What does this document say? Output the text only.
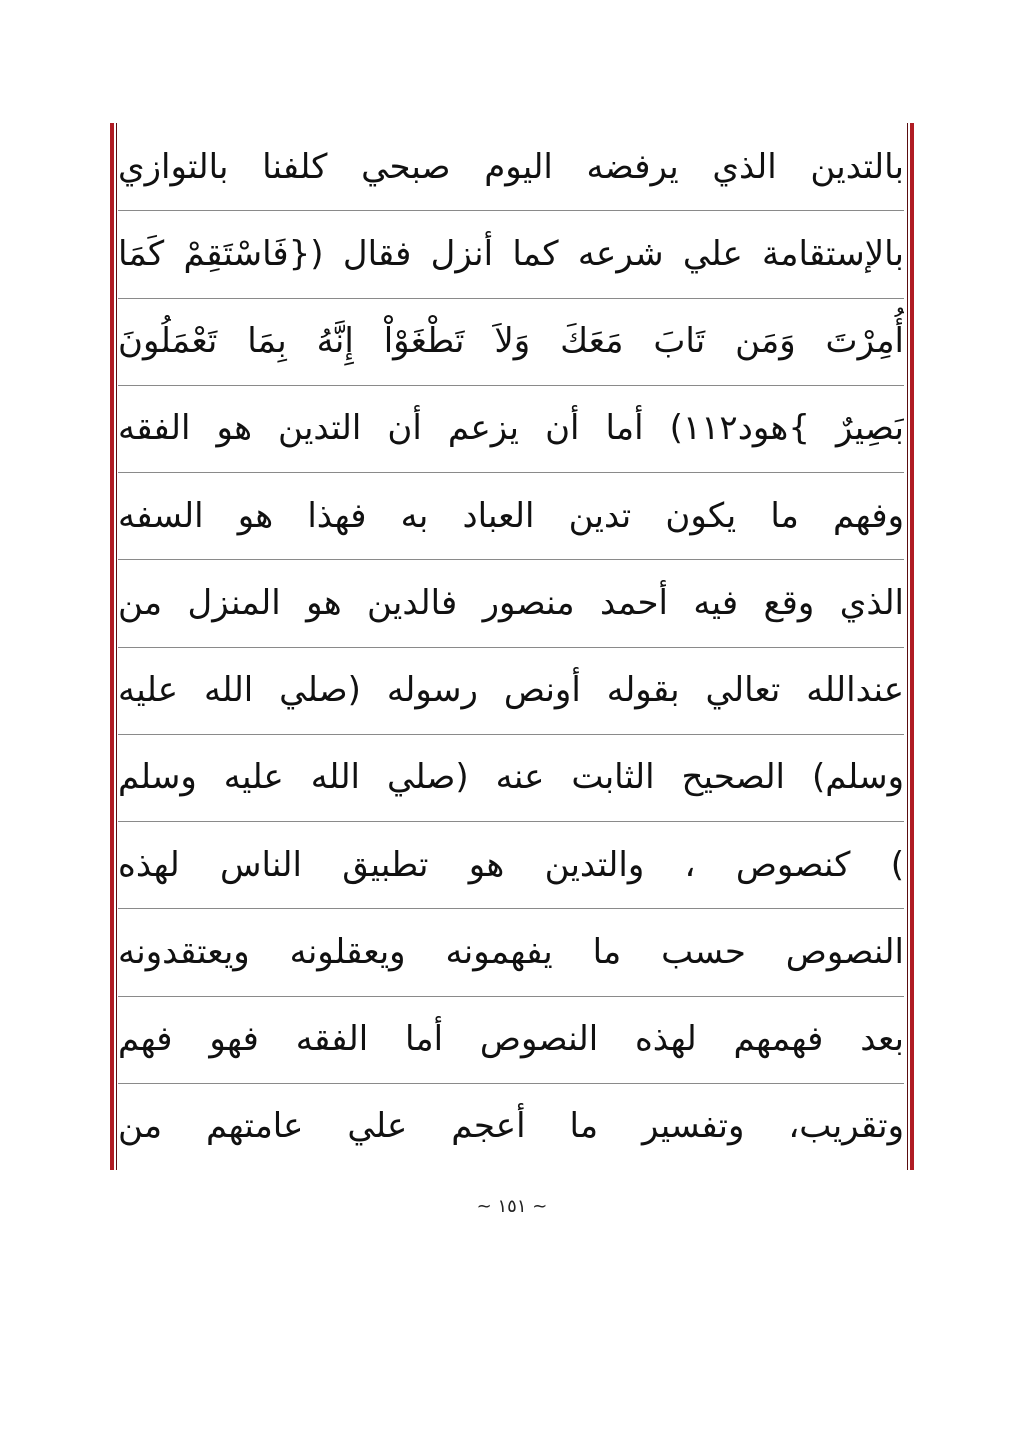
بالتدين الذي يرفضه اليوم صبحي كلفنا بالتوازي
بالإستقامة علي شرعه كما أنزل فقال ({فَاسْتَقِمْ كَمَا
أُمِرْتَ وَمَن تَابَ مَعَكَ وَلاَ تَطْغَوْاْ إِنَّهُ بِمَا تَعْمَلُونَ
بَصِيرٌ }هود١١٢) أما أن يزعم أن التدين هو الفقه
وفهم ما يكون تدين العباد به فهذا هو السفه
الذي وقع فيه أحمد منصور فالدين هو المنزل من
عندالله تعالي بقوله أونص رسوله (صلي الله عليه
وسلم) الصحيح الثابت عنه (صلي الله عليه وسلم
) كنصوص ، والتدين هو تطبيق الناس لهذه
النصوص حسب ما يفهمونه ويعقلونه ويعتقدونه
بعد فهمهم لهذه النصوص أما الفقه فهو فهم
وتقريب، وتفسير ما أعجم علي عامتهم من
~ ١٥١ ~
